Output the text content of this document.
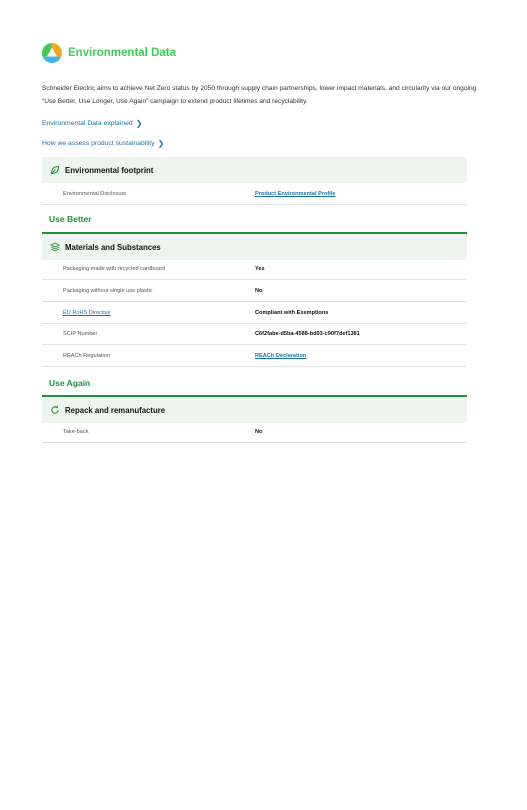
Environmental Data
Schneider Electric aims to achieve Net Zero status by 2050 through supply chain partnerships, lower impact materials, and circularity via our ongoing “Use Better, Use Longer, Use Again” campaign to extend product lifetimes and recyclability.
Environmental Data explained ❯
How we assess product sustainability ❯
Environmental footprint
Environmental Disclosure	Product Environmental Profile
Use Better
Materials and Substances
Packaging made with recycled cardboard	Yes
Packaging without single use plastic	No
EU RoHS Directive	Compliant with Exemptions
SCIP Number	C6f2fabe-d5ba-4588-bd03-c90f7def1381
REACh Regulation	REACh Declaration
Use Again
Repack and remanufacture
Take-back	No
